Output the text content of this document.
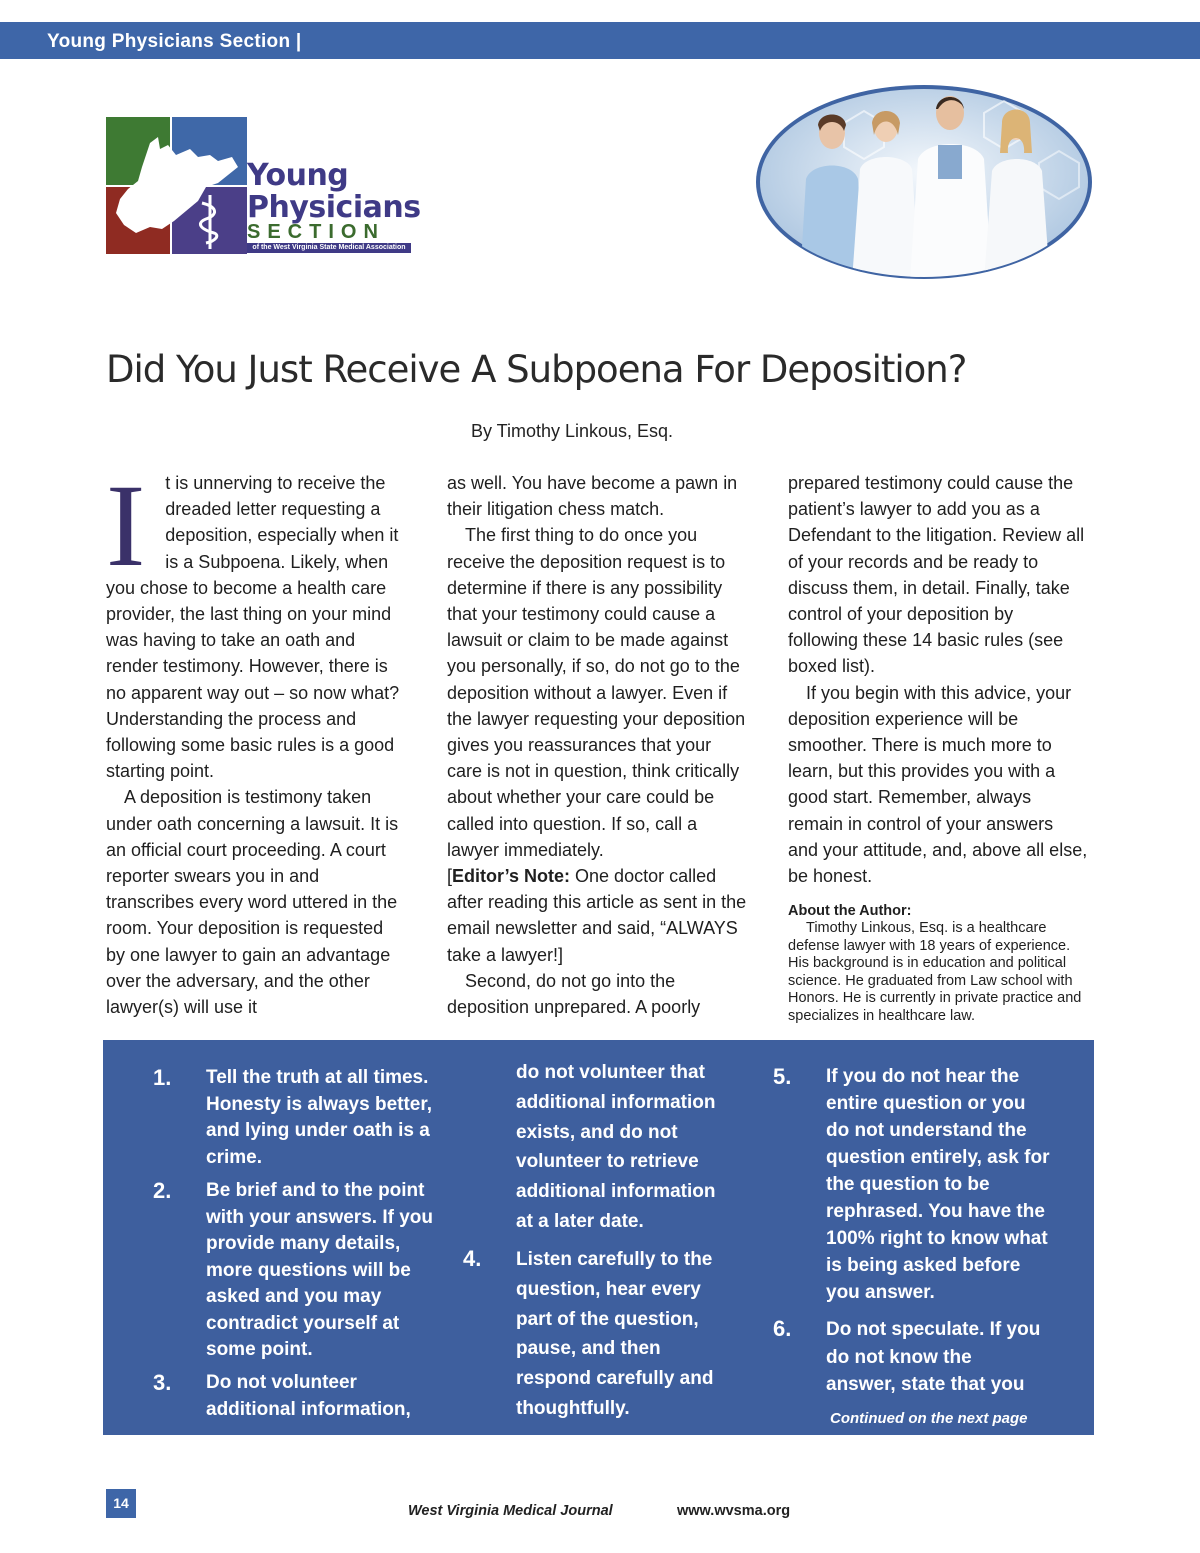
Young Physicians Section |
Young
Physicians
SECTION
of the West Virginia State Medical Association
Did You Just Receive A Subpoena For Deposition?
By Timothy Linkous, Esq.
I	t is unnerving to receive the dreaded letter requesting a deposition, especially when it is a Subpoena. Likely, when you chose to become a health care provider, the last thing on your mind was having to take an oath and render testimony. However, there is no apparent way out – so now what? Understanding the process and following some basic rules is a good starting point.

A deposition is testimony taken under oath concerning a lawsuit. It is an official court proceeding. A court reporter swears you in and transcribes every word uttered in the room. Your deposition is requested by one lawyer to gain an advantage over the adversary, and the other lawyer(s) will use it

as well. You have become a pawn in their litigation chess match.

The first thing to do once you receive the deposition request is to determine if there is any possibility that your testimony could cause a lawsuit or claim to be made against you personally, if so, do not go to the deposition without a lawyer. Even if the lawyer requesting your deposition gives you reassurances that your care is not in question, think critically about whether your care could be called into question. If so, call a lawyer immediately.

[Editor’s Note: One doctor called after reading this article as sent in the email newsletter and said, “ALWAYS take a lawyer!]

Second, do not go into the deposition unprepared. A poorly

prepared testimony could cause the patient’s lawyer to add you as a Defendant to the litigation. Review all of your records and be ready to discuss them, in detail. Finally, take control of your deposition by following these 14 basic rules (see boxed list).

If you begin with this advice, your deposition experience will be smoother. There is much more to learn, but this provides you with a good start. Remember, always remain in control of your answers and your attitude, and, above all else, be honest.

About the Author:

Timothy Linkous, Esq. is a healthcare defense lawyer with 18 years of experience. His background is in education and political science. He graduated from Law school with Honors. He is currently in private practice and specializes in healthcare law.

1. Tell the truth at all times. Honesty is always better, and lying under oath is a crime.
2. Be brief and to the point with your answers. If you provide many details, more questions will be asked and you may contradict yourself at some point.
3. Do not volunteer additional information,
do not volunteer that additional information exists, and do not volunteer to retrieve additional information at a later date.
4. Listen carefully to the question, hear every part of the question, pause, and then respond carefully and thoughtfully.
5. If you do not hear the entire question or you do not understand the question entirely, ask for the question to be rephrased. You have the 100% right to know what is being asked before you answer.
6. Do not speculate. If you do not know the answer, state that you
Continued on the next page
14	West Virginia Medical Journal	www.wvsma.org
